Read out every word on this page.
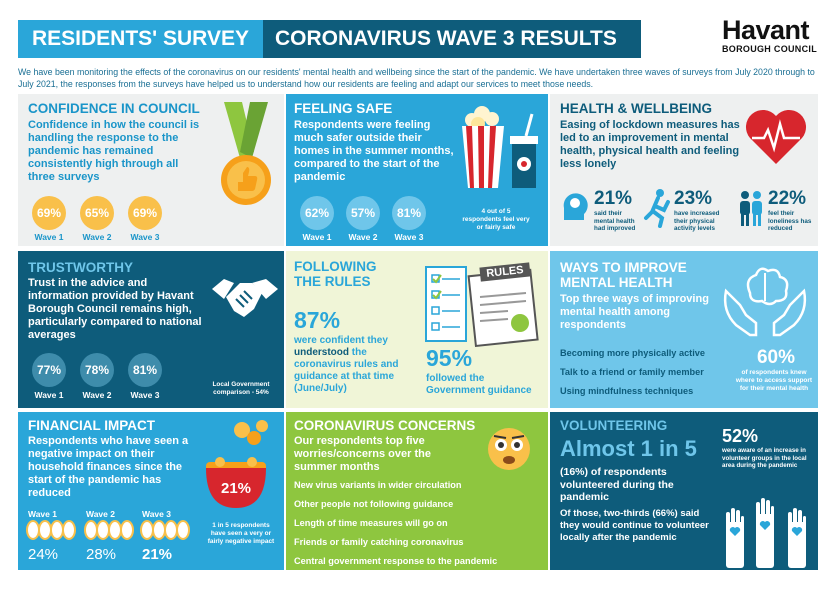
RESIDENTS' SURVEY	CORONAVIRUS WAVE 3 RESULTS	Havant
BOROUGH COUNCIL
We have been monitoring the effects of the coronavirus on our residents' mental health and wellbeing since the start of the pandemic. We have undertaken three waves of surveys from July 2020 through to July 2021, the responses from the surveys have helped us to understand how our residents are feeling and adapt our services to meet those needs.
CONFIDENCE IN COUNCIL
Confidence in how the council is handling the response to the pandemic has remained consistently high through all three surveys
69%	65%	69%
Wave 1	Wave 2	Wave 3
FEELING SAFE
Respondents were feeling much safer outside their homes in the summer months, compared to the start of the pandemic
62%	57%	81%
Wave 1	Wave 2	Wave 3
4 out of 5 respondents feel very or fairly safe
HEALTH & WELLBEING
Easing of lockdown measures has led to an improvement in mental health, physical health and feeling less lonely
21%
said their mental health had improved
23%
have increased their physical activity levels
22%
feel their loneliness has reduced
TRUSTWORTHY
Trust in the advice and information provided by Havant Borough Council remains high, particularly compared to national averages
77%	78%	81%
Wave 1	Wave 2	Wave 3
Local Government comparison - 54%
FOLLOWING THE RULES
RULES
87%
were confident they understood the coronavirus rules and guidance at that time (June/July)
95%
followed the Government guidance
WAYS TO IMPROVE MENTAL HEALTH
Top three ways of improving mental health among respondents
Becoming more physically active
Talk to a friend or family member
Using mindfulness techniques
60%
of respondents knew where to access support for their mental health
FINANCIAL IMPACT
Respondents who have seen a negative impact on their household finances since the start of the pandemic has reduced	21%
Wave 1	Wave 2	Wave 3
24% 28% 21%
1 in 5 respondents have seen a very or fairly negative impact
CORONAVIRUS CONCERNS
Our respondents top five worries/concerns over the summer months
New virus variants in wider circulation
Other people not following guidance
Length of time measures will go on
Friends or family catching coronavirus
Central government response to the pandemic
VOLUNTEERING
Almost 1 in 5
(16%) of respondents volunteered during the pandemic
Of those, two-thirds (66%) said they would continue to volunteer locally after the pandemic
52%
were aware of an increase in volunteer groups in the local area during the pandemic
